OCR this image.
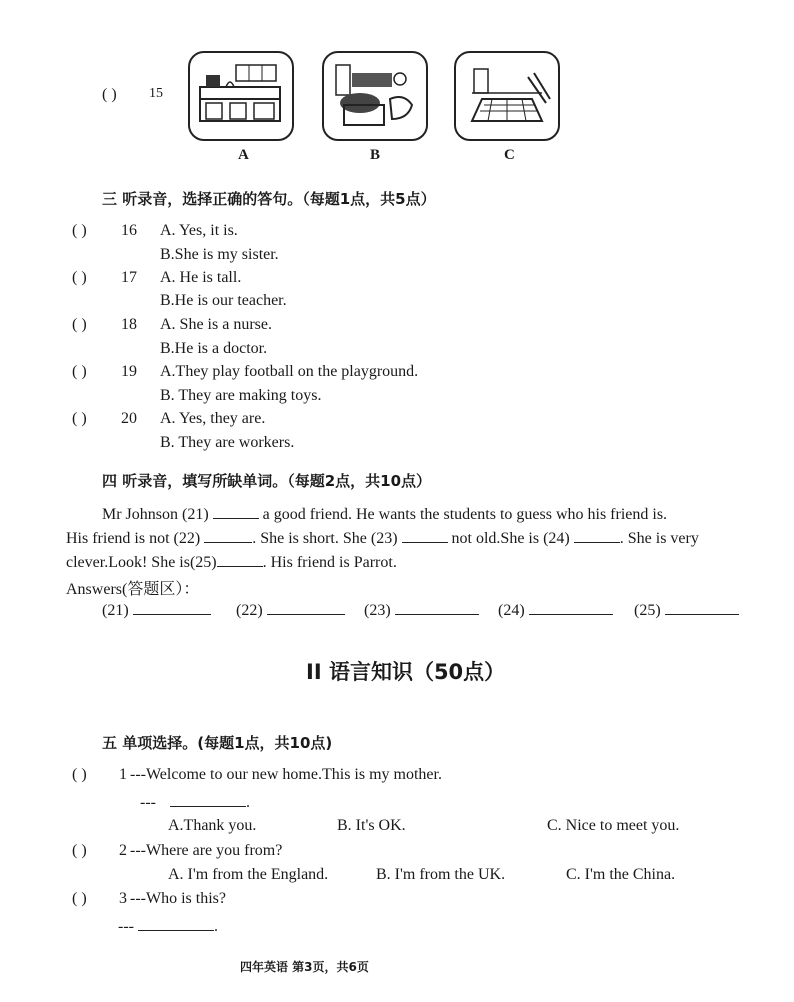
( ) 15
A	B	C
三 听录音，选择正确的答句。（每题1点，共5点）
( ) 16 A. Yes, it is.
B.She is my sister.
( ) 17 A. He is tall.
B.He is our teacher.
( ) 18 A. She is a nurse.
B.He is a doctor.
( ) 19 A.They play football on the playground.
B. They are making toys.
( ) 20 A. Yes, they are.
B. They are workers.
四 听录音，填写所缺单词。（每题2点，共10点）
Mr Johnson (21)	a good friend. He wants the students to guess who his friend is.
His friend is not (22)	. She is short. She (23)	not old.She is (24)	. She is very
clever.Look! She is(25)	. His friend is Parrot.
Answers(答题区）：
(21)	(22)	(23)	(24)	(25)
II 语言知识（50点）
五 单项选择。(每题1点，共10点)
( ) 1 ---Welcome to our new home.This is my mother.
---	.
A.Thank you.	B. It's OK.	C. Nice to meet you.
( ) 2 ---Where are you from?
A. I'm from the England.	B. I'm from the UK.	C. I'm the China.
( ) 3 ---Who is this?
---	.
四年英语 第3页，共6页
